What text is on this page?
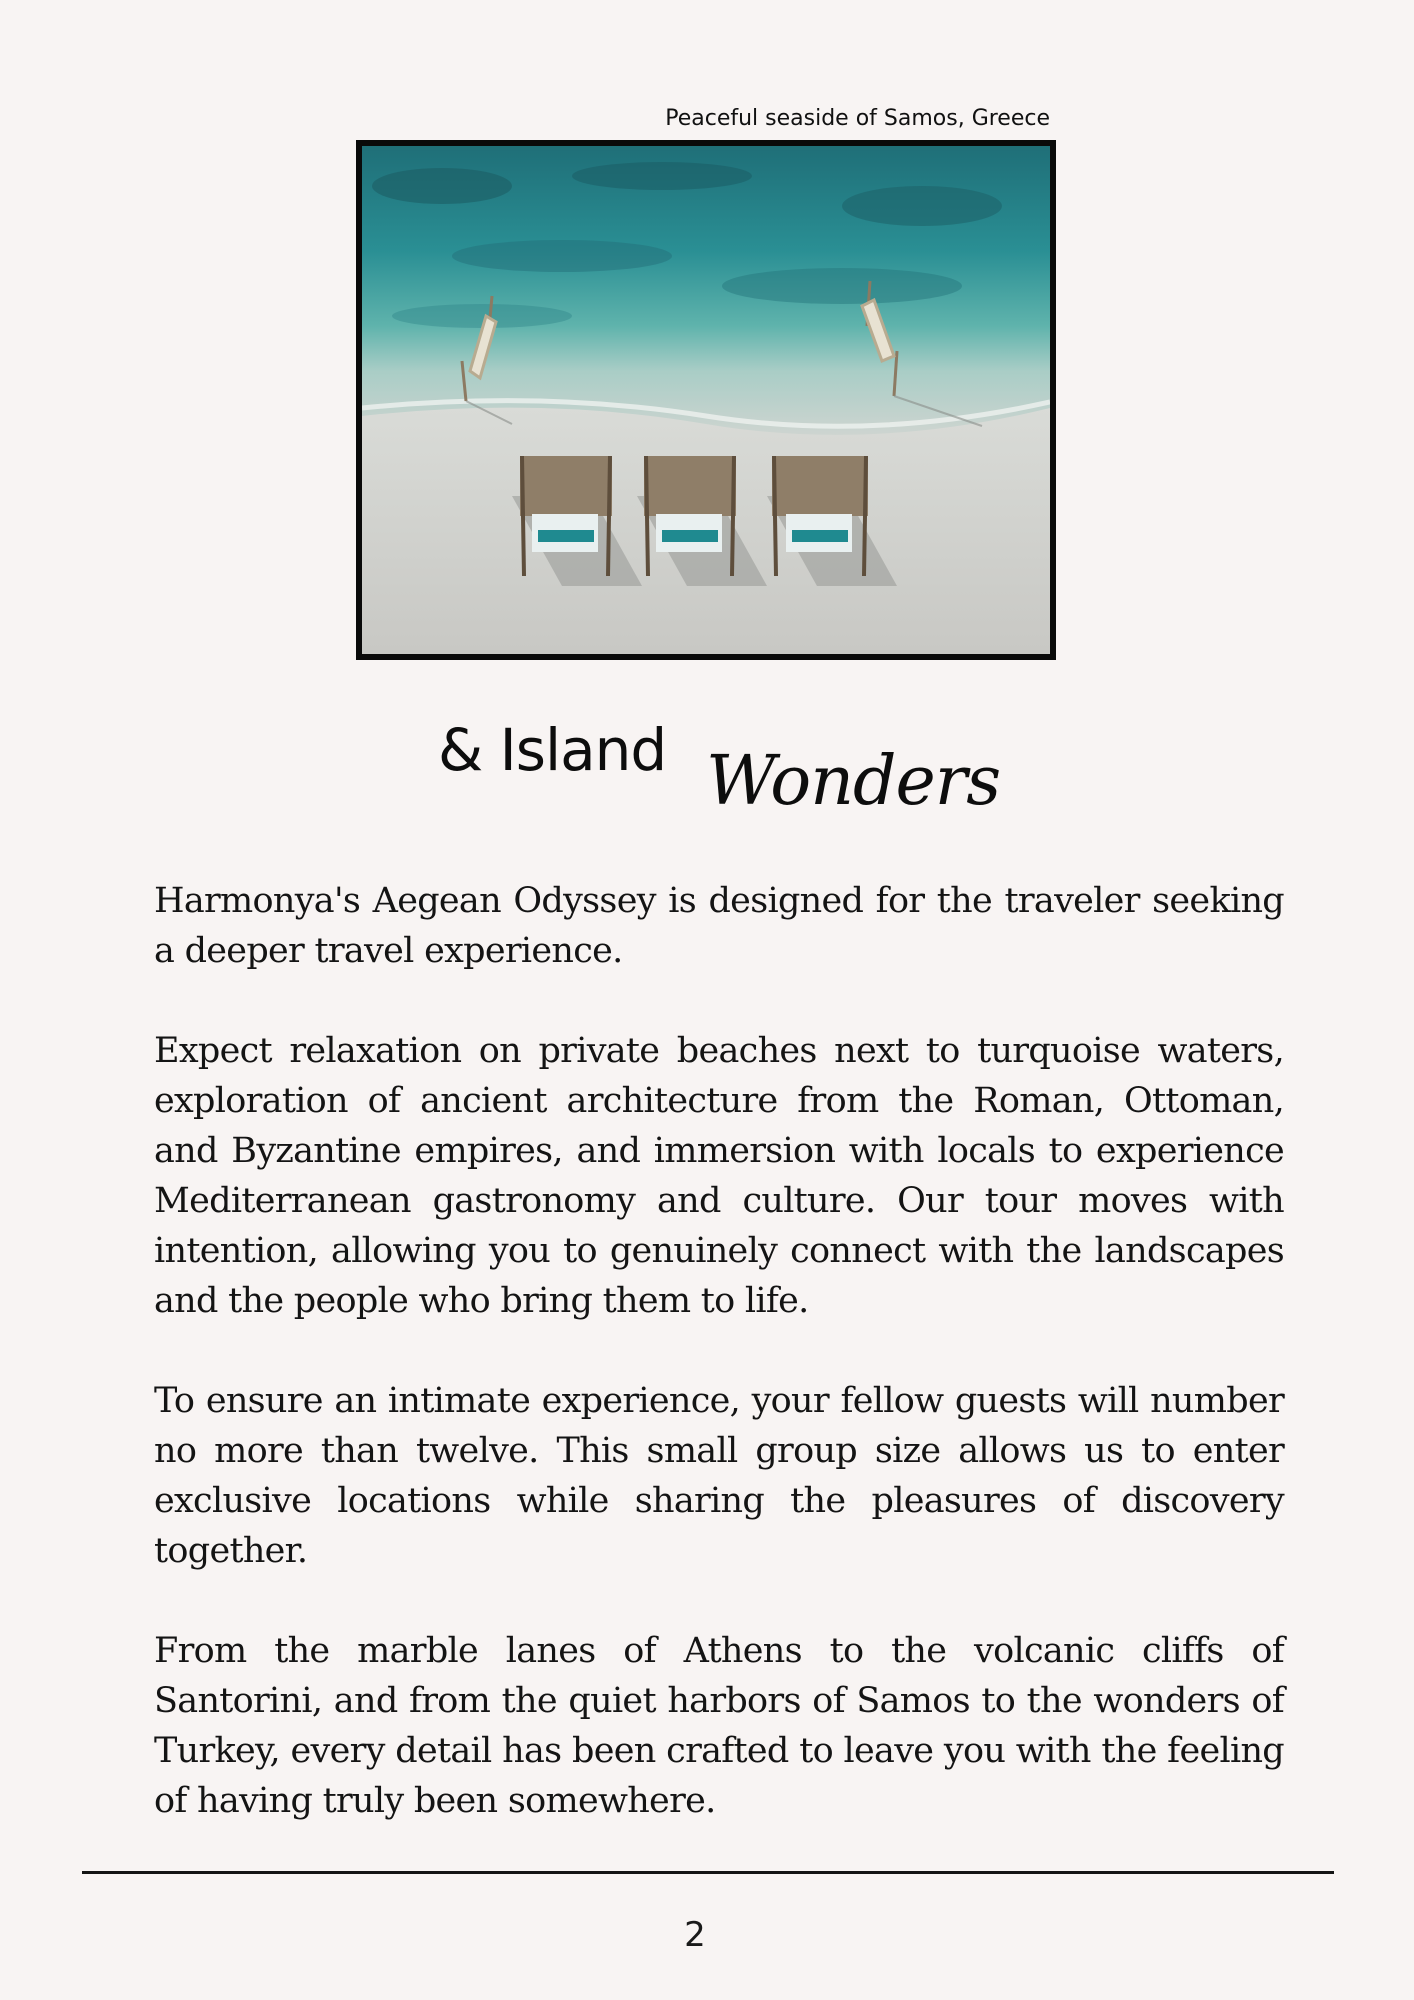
Peaceful seaside of Samos, Greece
& Island Wonders

Harmonya's Aegean Odyssey is designed for the traveler seeking a deeper travel experience.

Expect relaxation on private beaches next to turquoise waters, exploration of ancient architecture from the Roman, Ottoman, and Byzantine empires, and immersion with locals to experience Mediterranean gastronomy and culture. Our tour moves with intention, allowing you to genuinely connect with the landscapes and the people who bring them to life.

To ensure an intimate experience, your fellow guests will number no more than twelve. This small group size allows us to enter exclusive locations while sharing the pleasures of discovery together.

From the marble lanes of Athens to the volcanic cliffs of Santorini, and from the quiet harbors of Samos to the wonders of Turkey, every detail has been crafted to leave you with the feeling of having truly been somewhere.

2
